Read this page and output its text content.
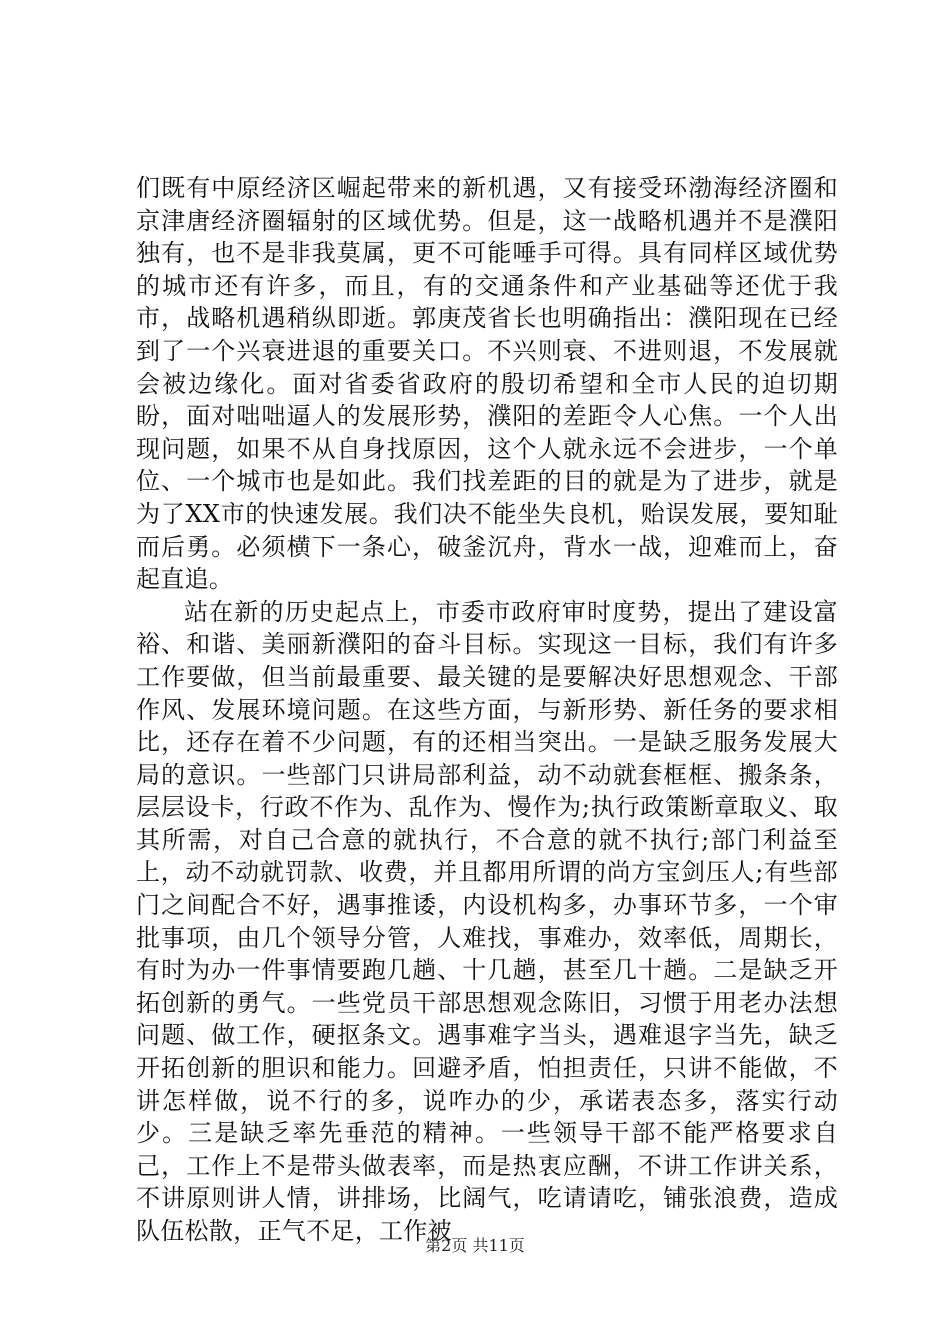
们既有中原经济区崛起带来的新机遇，又有接受环渤海经济圈和京津唐经济圈辐射的区域优势。但是，这一战略机遇并不是濮阳独有，也不是非我莫属，更不可能唾手可得。具有同样区域优势的城市还有许多，而且，有的交通条件和产业基础等还优于我市，战略机遇稍纵即逝。郭庚茂省长也明确指出：濮阳现在已经到了一个兴衰进退的重要关口。不兴则衰、不进则退，不发展就会被边缘化。面对省委省政府的殷切希望和全市人民的迫切期盼，面对咄咄逼人的发展形势，濮阳的差距令人心焦。一个人出现问题，如果不从自身找原因，这个人就永远不会进步，一个单位、一个城市也是如此。我们找差距的目的就是为了进步，就是为了XX市的快速发展。我们决不能坐失良机，贻误发展，要知耻而后勇。必须横下一条心，破釜沉舟，背水一战，迎难而上，奋起直追。

站在新的历史起点上，市委市政府审时度势，提出了建设富裕、和谐、美丽新濮阳的奋斗目标。实现这一目标，我们有许多工作要做，但当前最重要、最关键的是要解决好思想观念、干部作风、发展环境问题。在这些方面，与新形势、新任务的要求相比，还存在着不少问题，有的还相当突出。一是缺乏服务发展大局的意识。一些部门只讲局部利益，动不动就套框框、搬条条，层层设卡，行政不作为、乱作为、慢作为;执行政策断章取义、取其所需，对自己合意的就执行，不合意的就不执行;部门利益至上，动不动就罚款、收费，并且都用所谓的尚方宝剑压人;有些部门之间配合不好，遇事推诿，内设机构多，办事环节多，一个审批事项，由几个领导分管，人难找，事难办，效率低，周期长，有时为办一件事情要跑几趟、十几趟，甚至几十趟。二是缺乏开拓创新的勇气。一些党员干部思想观念陈旧，习惯于用老办法想问题、做工作，硬抠条文。遇事难字当头，遇难退字当先，缺乏开拓创新的胆识和能力。回避矛盾，怕担责任，只讲不能做，不讲怎样做，说不行的多，说咋办的少，承诺表态多，落实行动少。三是缺乏率先垂范的精神。一些领导干部不能严格要求自己，工作上不是带头做表率，而是热衷应酬，不讲工作讲关系，不讲原则讲人情，讲排场，比阔气，吃请请吃，铺张浪费，造成队伍松散，正气不足，工作被

第2页 共11页
